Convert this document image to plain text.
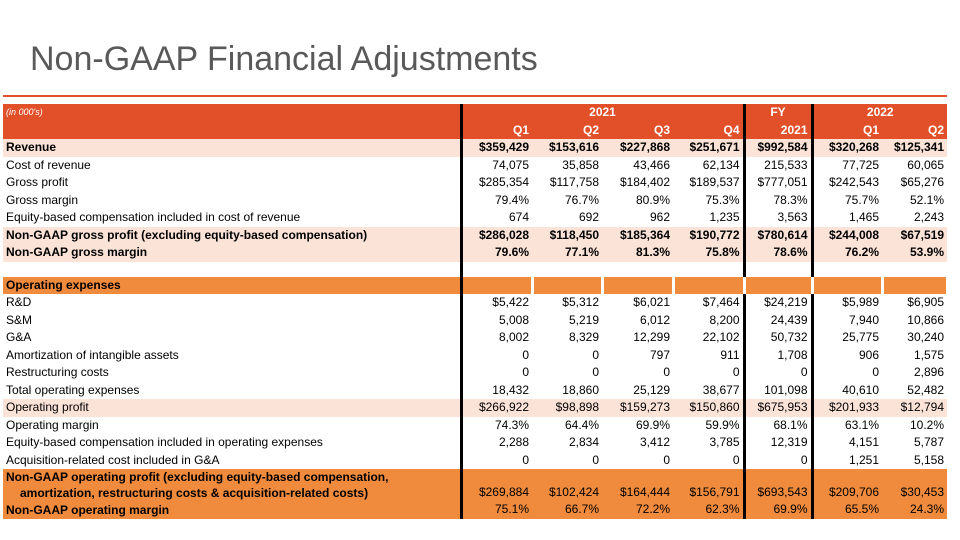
Non-GAAP Financial Adjustments
(in 000's)	2021				FY	2022	
	Q1	Q2	Q3	Q4	2021	Q1	Q2
Revenue	$359,429	$153,616	$227,868	$251,671	$992,584	$320,268	$125,341
Cost of revenue	74,075	35,858	43,466	62,134	215,533	77,725	60,065
Gross profit	$285,354	$117,758	$184,402	$189,537	$777,051	$242,543	$65,276
Gross margin	79.4%	76.7%	80.9%	75.3%	78.3%	75.7%	52.1%
Equity-based compensation included in cost of revenue	674	692	962	1,235	3,563	1,465	2,243
Non-GAAP gross profit (excluding equity-based compensation)	$286,028	$118,450	$185,364	$190,772	$780,614	$244,008	$67,519
Non-GAAP gross margin	79.6%	77.1%	81.3%	75.8%	78.6%	76.2%	53.9%

Operating expenses							
R&D	$5,422	$5,312	$6,021	$7,464	$24,219	$5,989	$6,905
S&M	5,008	5,219	6,012	8,200	24,439	7,940	10,866
G&A	8,002	8,329	12,299	22,102	50,732	25,775	30,240
Amortization of intangible assets	0	0	797	911	1,708	906	1,575
Restructuring costs	0	0	0	0	0	0	2,896
Total operating expenses	18,432	18,860	25,129	38,677	101,098	40,610	52,482
Operating profit	$266,922	$98,898	$159,273	$150,860	$675,953	$201,933	$12,794
Operating margin	74.3%	64.4%	69.9%	59.9%	68.1%	63.1%	10.2%
Equity-based compensation included in operating expenses	2,288	2,834	3,412	3,785	12,319	4,151	5,787
Acquisition-related cost included in G&A	0	0	0	0	0	1,251	5,158

Non-GAAP operating profit (excluding equity-based compensation,
amortization, restructuring costs & acquisition-related costs)	$269,884	$102,424	$164,444	$156,791	$693,543	$209,706	$30,453
Non-GAAP operating margin	75.1%	66.7%	72.2%	62.3%	69.9%	65.5%	24.3%
